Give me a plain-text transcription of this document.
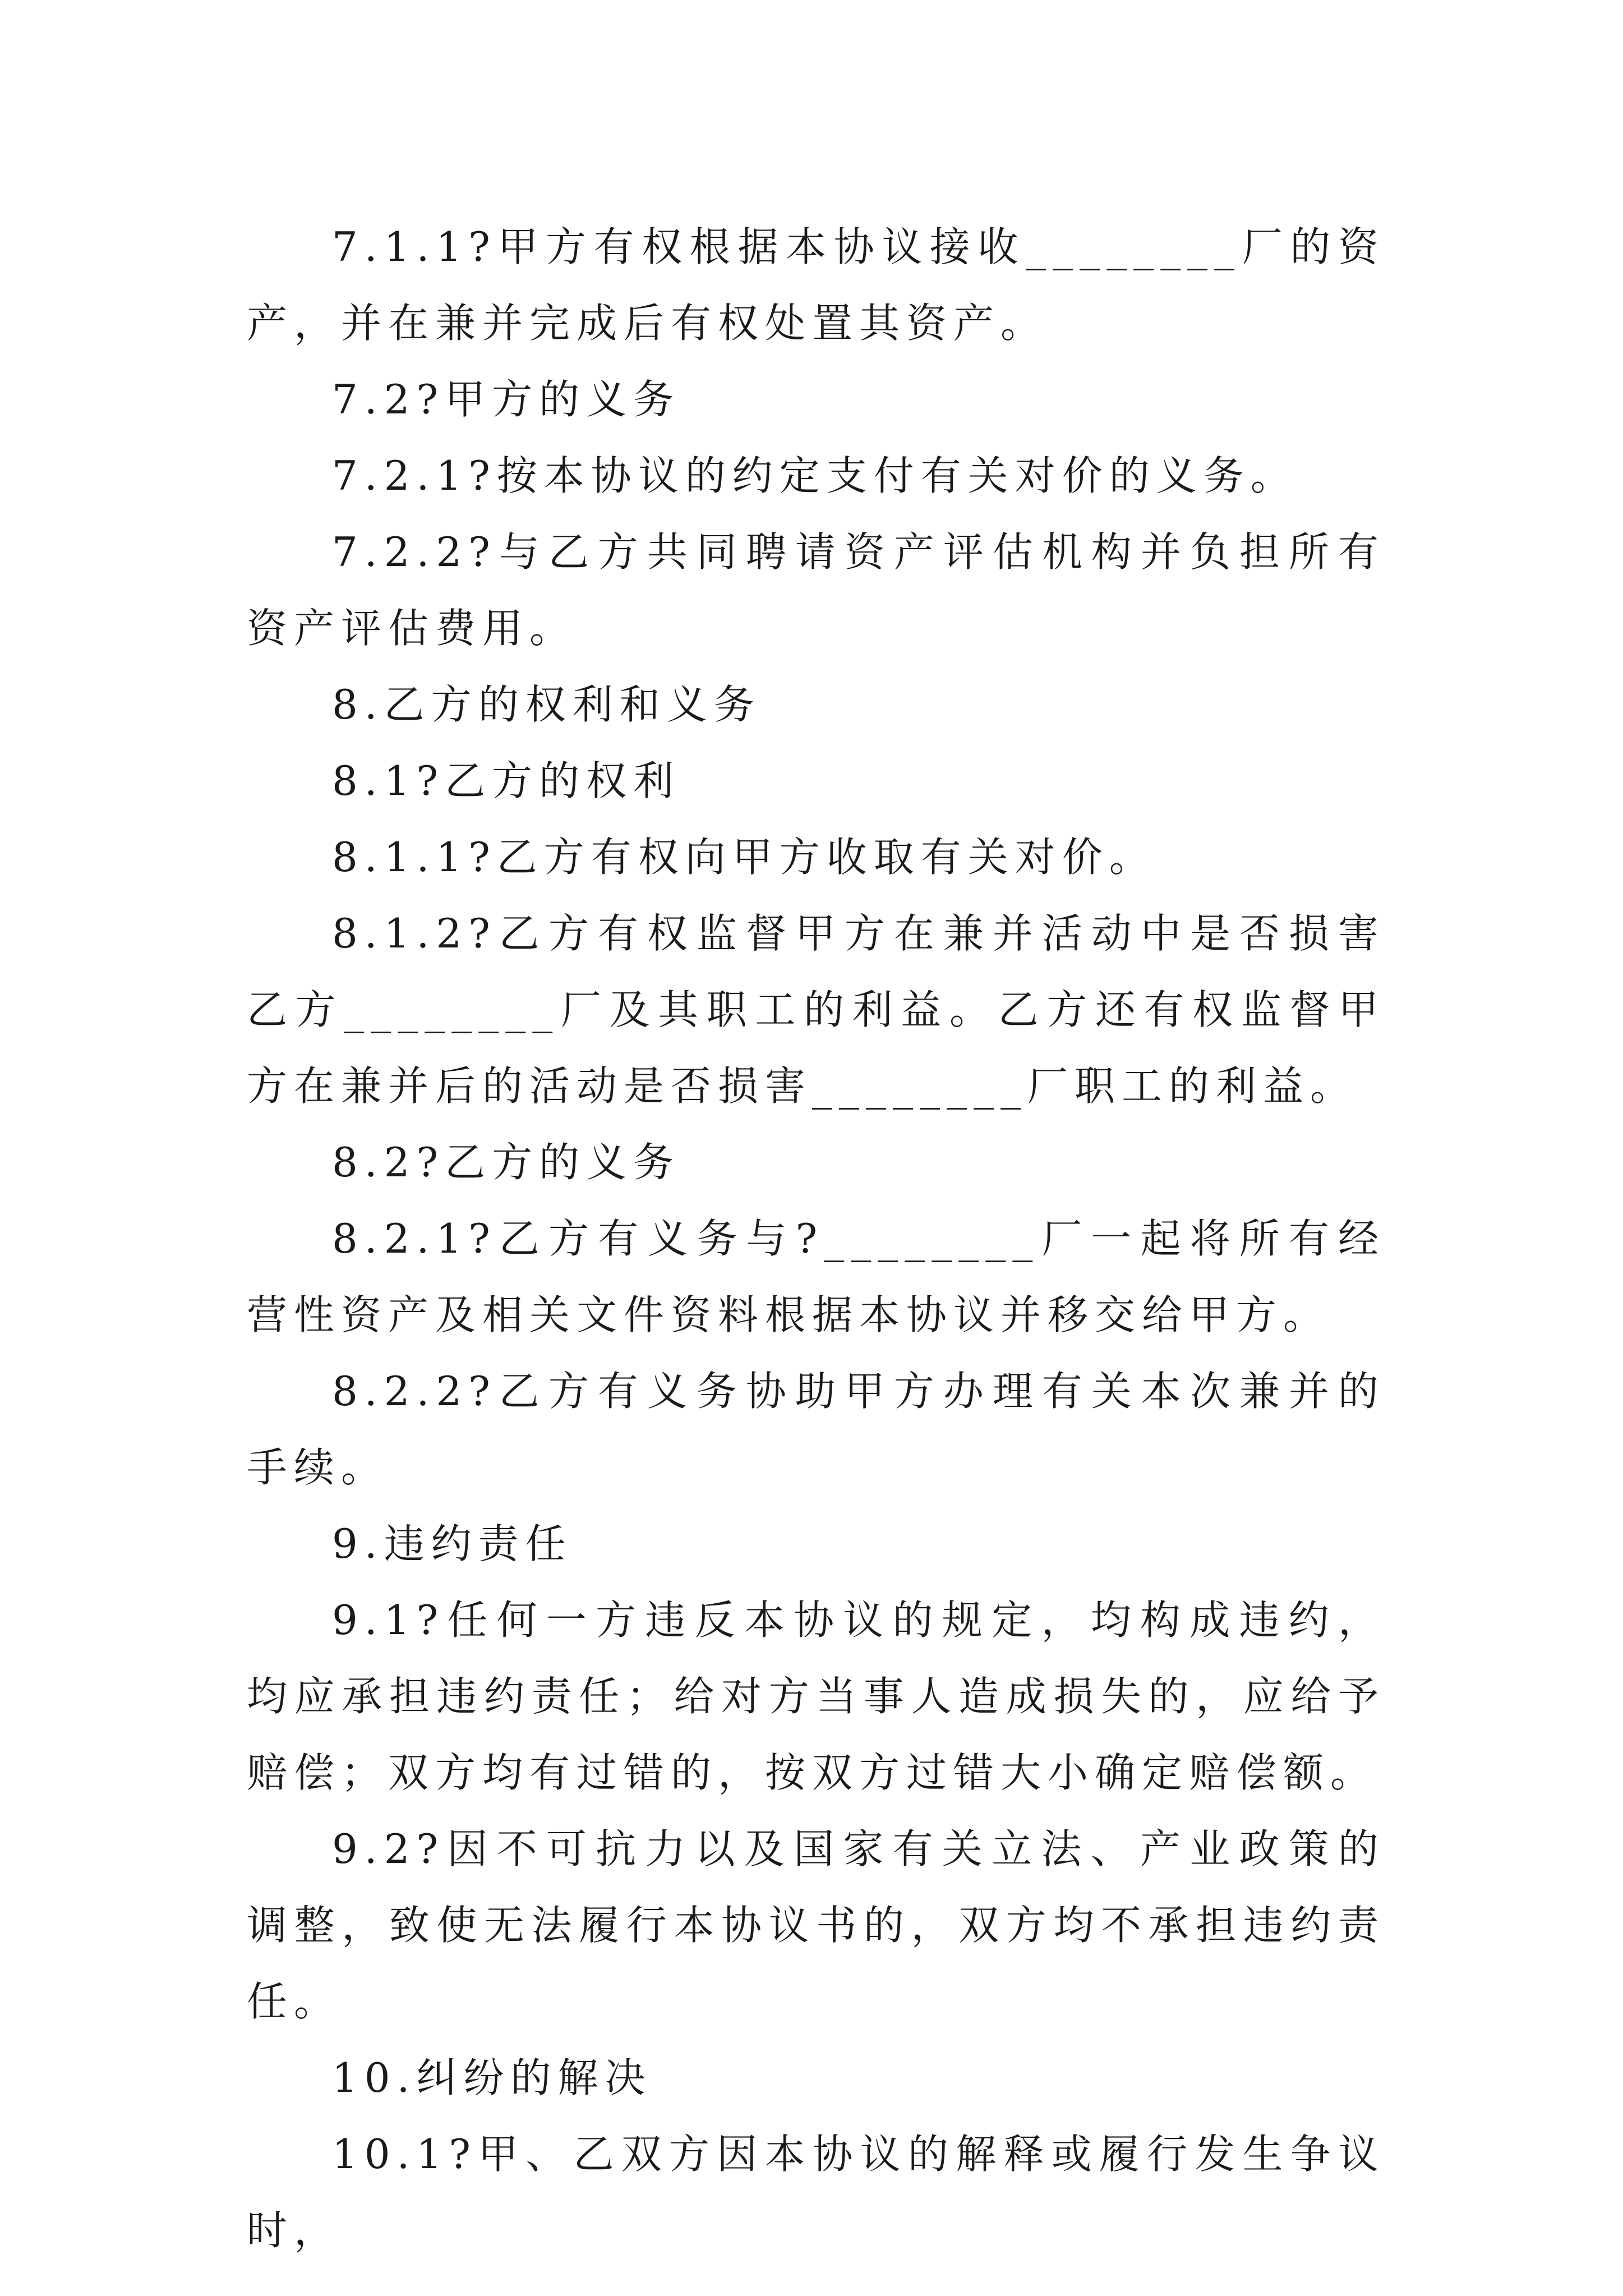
7.1.1?甲方有权根据本协议接收________厂的资产，并在兼并完成后有权处置其资产。

7.2?甲方的义务

7.2.1?按本协议的约定支付有关对价的义务。

7.2.2?与乙方共同聘请资产评估机构并负担所有资产评估费用。

8.乙方的权利和义务

8.1?乙方的权利

8.1.1?乙方有权向甲方收取有关对价。

8.1.2?乙方有权监督甲方在兼并活动中是否损害乙方________厂及其职工的利益。乙方还有权监督甲方在兼并后的活动是否损害________厂职工的利益。

8.2?乙方的义务

8.2.1?乙方有义务与?________厂一起将所有经营性资产及相关文件资料根据本协议并移交给甲方。

8.2.2?乙方有义务协助甲方办理有关本次兼并的手续。

9.违约责任

9.1?任何一方违反本协议的规定，均构成违约，均应承担违约责任；给对方当事人造成损失的，应给予赔偿；双方均有过错的，按双方过错大小确定赔偿额。

9.2?因不可抗力以及国家有关立法、产业政策的调整，致使无法履行本协议书的，双方均不承担违约责任。

10.纠纷的解决

10.1?甲、乙双方因本协议的解释或履行发生争议时，
